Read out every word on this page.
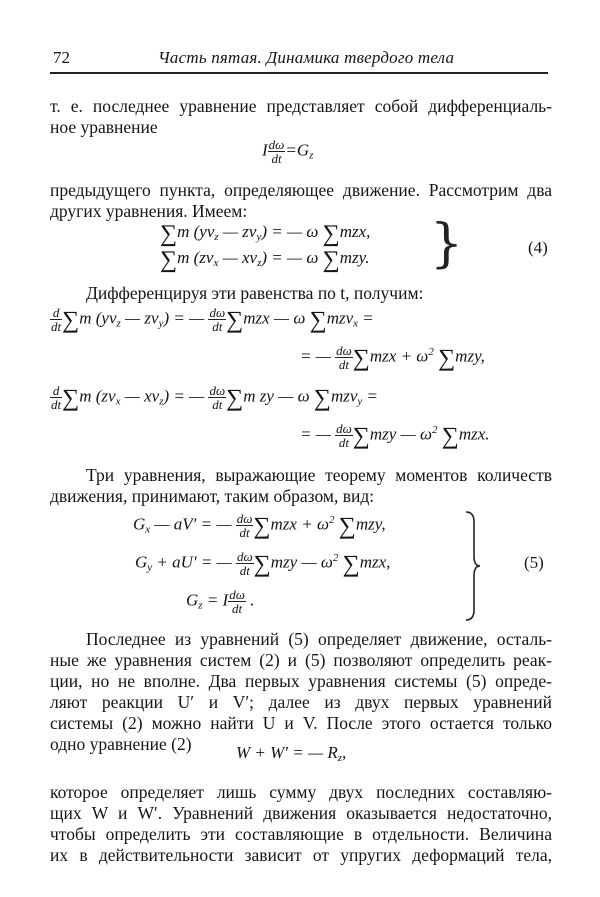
72	Часть пятая. Динамика твердого тела
т. е. последнее уравнение представляет собой дифференциаль-
ное уравнение
I $\frac{d\omega}{dt} =G_z$
предыдущего пункта, определяющее движение. Рассмотрим два
других уравнения. Имеем:
∑m ($yv_z$ — $zv_y$) = — ω ∑mzx,
∑m ($zv_x$ — $xv_z$) = — ω ∑mzy. }	(4)
Дифференцируя эти равенства по t, получим:
$\frac{d}{dt} \sum m$ ($yv_z$ — $zv_y$) = — $\frac{d\omega}{dt} \sum mzx$ — ω ∑mzv$_x$ =
= — $\frac{d\omega}{dt} \sum mzx + \omega^2$ ∑mzy,
$\frac{d}{dt} \sum m$ ($zv_x$ — $xv_z$) = — $\frac{d\omega}{dt} \sum m$ zy — ω ∑mzv$_y$ =
= — $\frac{d\omega}{dt} \sum mzy$ — $\omega^2$ ∑mzx.
Три уравнения, выражающие теорему моментов количеств
движения, принимают, таким образом, вид:
$G_x$ — aV′ = — $\frac{d\omega}{dt} \sum mzx + \omega^2$ ∑mzy,
$G_y + aU'$ = — $\frac{d\omega}{dt} \sum mzy$ — $\omega^2$ ∑mzx,
$G_z = I \frac{d\omega}{dt}$ .
(5)
Последнее из уравнений (5) определяет движение, осталь-
ные же уравнения систем (2) и (5) позволяют определить реак-
ции, но не вполне. Два первых уравнения системы (5) опреде-
ляют реакции U′ и V′; далее из двух первых уравнений
системы (2) можно найти U и V. После этого остается только
одно уравнение (2)	W + W′ = — $R_z$,
которое определяет лишь сумму двух последних составляю-
щих W и W′. Уравнений движения оказывается недостаточно,
чтобы определить эти составляющие в отдельности. Величина
их в действительности зависит от упругих деформаций тела,
